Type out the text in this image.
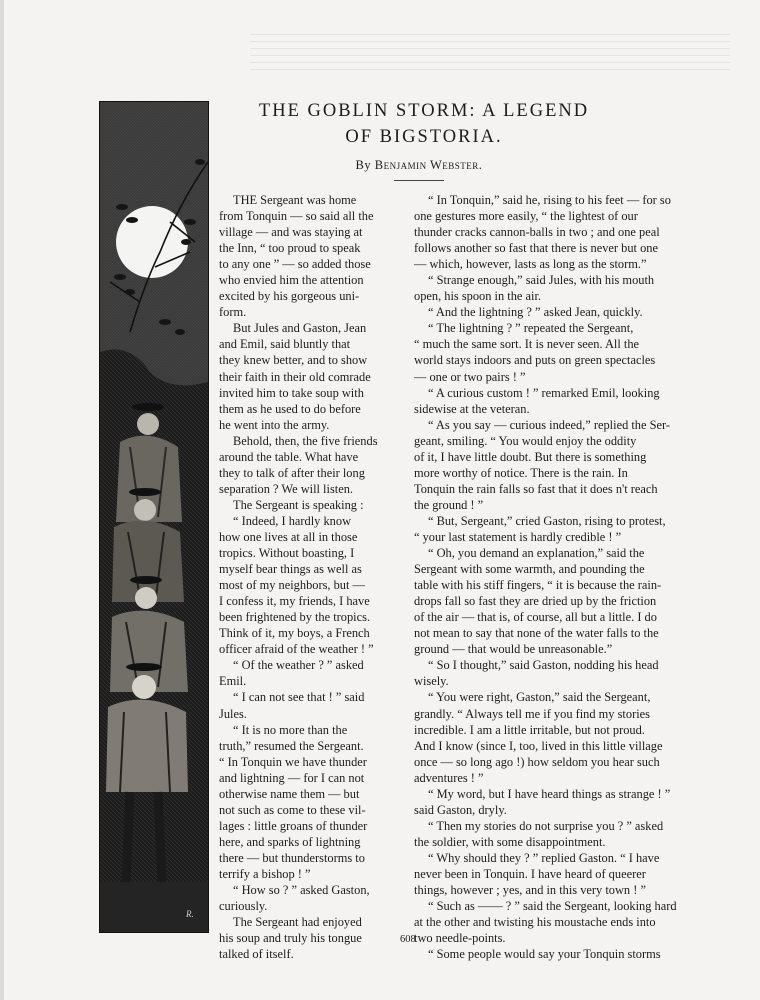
R.
THE GOBLIN STORM: A LEGEND
OF BIGSTORIA.
By Benjamin Webster.
THE Sergeant was home
from Tonquin — so said all the
village — and was staying at
the Inn, “ too proud to speak
to any one ” — so added those
who envied him the attention
excited by his gorgeous uni-
form.
But Jules and Gaston, Jean
and Emil, said bluntly that
they knew better, and to show
their faith in their old comrade
invited him to take soup with
them as he used to do before
he went into the army.
Behold, then, the five friends
around the table. What have
they to talk of after their long
separation ? We will listen.
The Sergeant is speaking :
“ Indeed, I hardly know
how one lives at all in those
tropics. Without boasting, I
myself bear things as well as
most of my neighbors, but —
I confess it, my friends, I have
been frightened by the tropics.
Think of it, my boys, a French
officer afraid of the weather ! ”
“ Of the weather ? ” asked
Emil.
“ I can not see that ! ” said
Jules.
“ It is no more than the
truth,” resumed the Sergeant.
“ In Tonquin we have thunder
and lightning — for I can not
otherwise name them — but
not such as come to these vil-
lages : little groans of thunder
here, and sparks of lightning
there — but thunderstorms to
terrify a bishop ! ”
“ How so ? ” asked Gaston,
curiously.
The Sergeant had enjoyed
his soup and truly his tongue
talked of itself.
“ In Tonquin,” said he, rising to his feet — for so
one gestures more easily, “ the lightest of our
thunder cracks cannon-balls in two ; and one peal
follows another so fast that there is never but one
— which, however, lasts as long as the storm.”
“ Strange enough,” said Jules, with his mouth
open, his spoon in the air.
“ And the lightning ? ” asked Jean, quickly.
“ The lightning ? ” repeated the Sergeant,
“ much the same sort. It is never seen. All the
world stays indoors and puts on green spectacles
— one or two pairs ! ”
“ A curious custom ! ” remarked Emil, looking
sidewise at the veteran.
“ As you say — curious indeed,” replied the Ser-
geant, smiling. “ You would enjoy the oddity
of it, I have little doubt. But there is something
more worthy of notice. There is the rain. In
Tonquin the rain falls so fast that it does n't reach
the ground ! ”
“ But, Sergeant,” cried Gaston, rising to protest,
“ your last statement is hardly credible ! ”
“ Oh, you demand an explanation,” said the
Sergeant with some warmth, and pounding the
table with his stiff fingers, “ it is because the rain-
drops fall so fast they are dried up by the friction
of the air — that is, of course, all but a little. I do
not mean to say that none of the water falls to the
ground — that would be unreasonable.”
“ So I thought,” said Gaston, nodding his head
wisely.
“ You were right, Gaston,” said the Sergeant,
grandly. “ Always tell me if you find my stories
incredible. I am a little irritable, but not proud.
And I know (since I, too, lived in this little village
once — so long ago !) how seldom you hear such
adventures ! ”
“ My word, but I have heard things as strange ! ”
said Gaston, dryly.
“ Then my stories do not surprise you ? ” asked
the soldier, with some disappointment.
“ Why should they ? ” replied Gaston. “ I have
never been in Tonquin. I have heard of queerer
things, however ; yes, and in this very town ! ”
“ Such as —— ? ” said the Sergeant, looking hard
at the other and twisting his moustache ends into
two needle-points.
“ Some people would say your Tonquin storms
608
